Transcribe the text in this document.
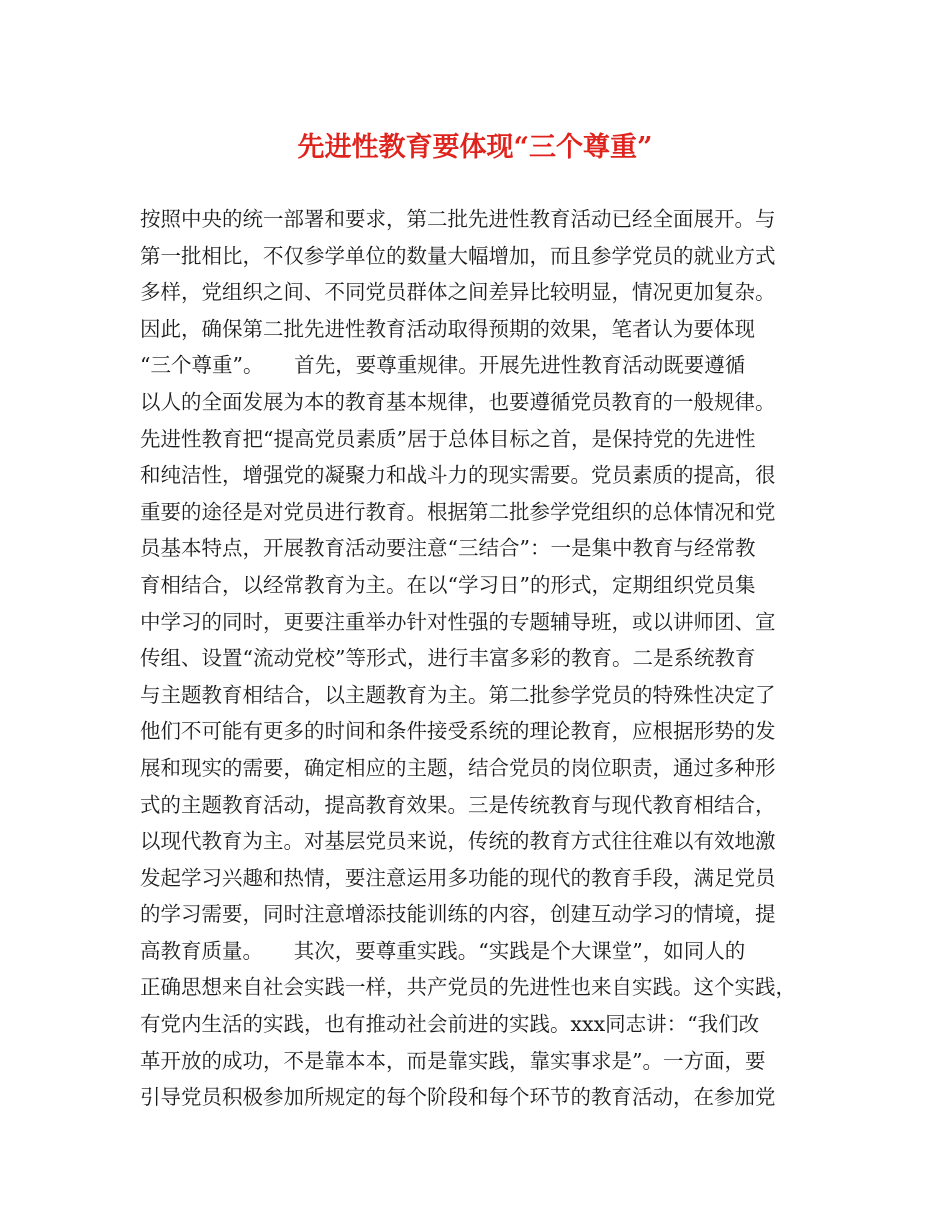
先进性教育要体现“三个尊重”
按照中央的统一部署和要求，第二批先进性教育活动已经全面展开。与
第一批相比，不仅参学单位的数量大幅增加，而且参学党员的就业方式
多样，党组织之间、不同党员群体之间差异比较明显，情况更加复杂。
因此，确保第二批先进性教育活动取得预期的效果，笔者认为要体现
“三个尊重”。　　首先，要尊重规律。开展先进性教育活动既要遵循
以人的全面发展为本的教育基本规律，也要遵循党员教育的一般规律。
先进性教育把“提高党员素质”居于总体目标之首，是保持党的先进性
和纯洁性，增强党的凝聚力和战斗力的现实需要。党员素质的提高，很
重要的途径是对党员进行教育。根据第二批参学党组织的总体情况和党
员基本特点，开展教育活动要注意“三结合”：一是集中教育与经常教
育相结合，以经常教育为主。在以“学习日”的形式，定期组织党员集
中学习的同时，更要注重举办针对性强的专题辅导班，或以讲师团、宣
传组、设置“流动党校”等形式，进行丰富多彩的教育。二是系统教育
与主题教育相结合，以主题教育为主。第二批参学党员的特殊性决定了
他们不可能有更多的时间和条件接受系统的理论教育，应根据形势的发
展和现实的需要，确定相应的主题，结合党员的岗位职责，通过多种形
式的主题教育活动，提高教育效果。三是传统教育与现代教育相结合，
以现代教育为主。对基层党员来说，传统的教育方式往往难以有效地激
发起学习兴趣和热情，要注意运用多功能的现代的教育手段，满足党员
的学习需要，同时注意增添技能训练的内容，创建互动学习的情境，提
高教育质量。　　其次，要尊重实践。“实践是个大课堂”，如同人的
正确思想来自社会实践一样，共产党员的先进性也来自实践。这个实践，
有党内生活的实践，也有推动社会前进的实践。xxx同志讲：“我们改
革开放的成功，不是靠本本，而是靠实践，靠实事求是”。一方面，要
引导党员积极参加所规定的每个阶段和每个环节的教育活动，在参加党
